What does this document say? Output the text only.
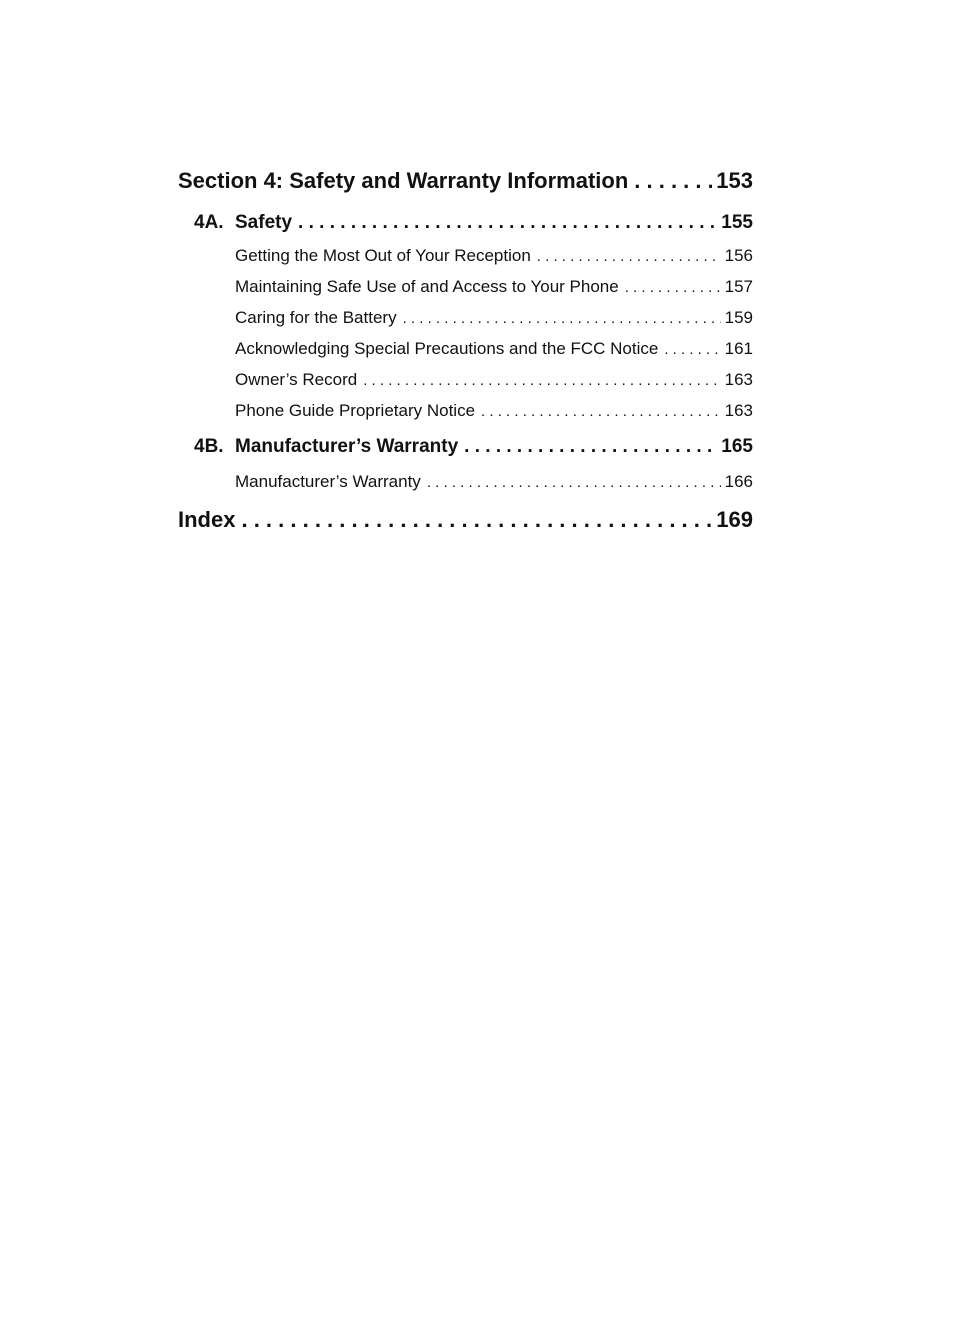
Section 4: Safety and Warranty Information . . .	153
4A. Safety . . .	155
Getting the Most Out of Your Reception . . .	156
Maintaining Safe Use of and Access to Your Phone . . .	157
Caring for the Battery . . .	159
Acknowledging Special Precautions and the FCC Notice . . .	161
Owner’s Record . . .	163
Phone Guide Proprietary Notice . . .	163
4B. Manufacturer’s Warranty . . .	165
Manufacturer’s Warranty . . .	166
Index . . .	169
